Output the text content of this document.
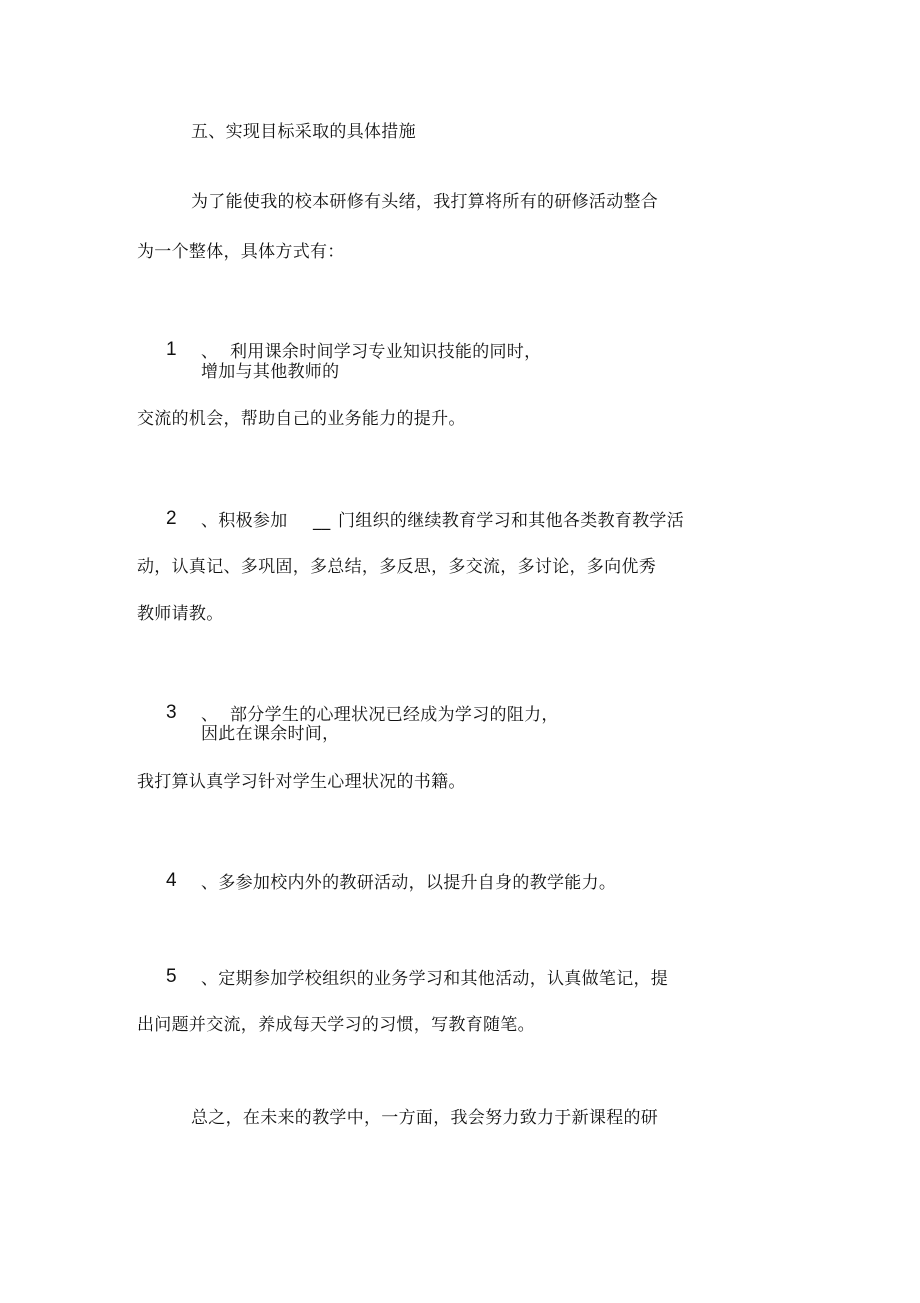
五、实现目标采取的具体措施
为了能使我的校本研修有头绪，我打算将所有的研修活动整合
为一个整体，具体方式有：
1 、 利用课余时间学习专业知识技能的同时，
增加与其他教师的
交流的机会，帮助自己的业务能力的提升。
2 、积极参加 __ 门组织的继续教育学习和其他各类教育教学活
动，认真记、多巩固，多总结，多反思，多交流，多讨论，多向优秀
教师请教。
3 、 部分学生的心理状况已经成为学习的阻力，
因此在课余时间，
我打算认真学习针对学生心理状况的书籍。
4 、多参加校内外的教研活动，以提升自身的教学能力。
5 、定期参加学校组织的业务学习和其他活动，认真做笔记，提
出问题并交流，养成每天学习的习惯，写教育随笔。
总之，在未来的教学中，一方面，我会努力致力于新课程的研
